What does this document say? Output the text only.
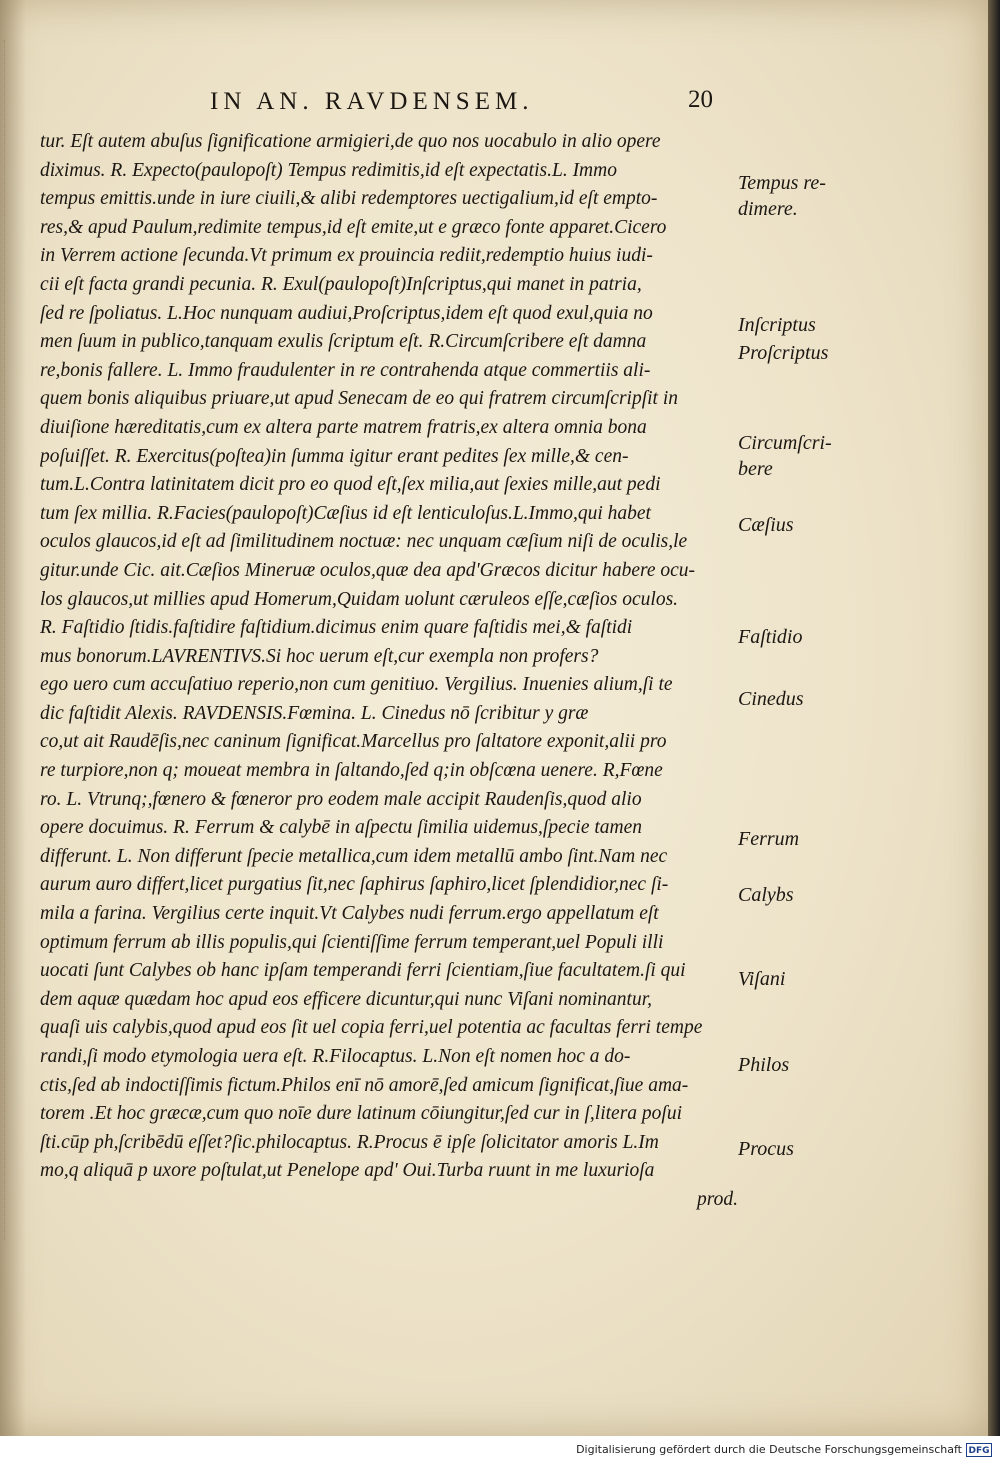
IN AN. RAVDENSEM.	20
tur. Eſt autem abuſus ſignificatione armigieri,de quo nos uocabulo in alio opere
diximus. R. Expecto(paulopoſt) Tempus redimitis,id eſt expectatis.L. Immo
tempus emittis.unde in iure ciuili,& alibi redemptores uectigalium,id eſt empto-
res,& apud Paulum,redimite tempus,id eſt emite,ut e græco fonte apparet.Cicero
in Verrem actione ſecunda.Vt primum ex prouincia rediit,redemptio huius iudi-
cii eſt facta grandi pecunia. R. Exul(paulopoſt)Inſcriptus,qui manet in patria,
ſed re ſpoliatus. L.Hoc nunquam audiui,Proſcriptus,idem eſt quod exul,quia no
men ſuum in publico,tanquam exulis ſcriptum eſt. R.Circumſcribere eſt damna
re,bonis fallere. L. Immo fraudulenter in re contrahenda atque commertiis ali-
quem bonis aliquibus priuare,ut apud Senecam de eo qui fratrem circumſcripſit in
diuiſione hæreditatis,cum ex altera parte matrem fratris,ex altera omnia bona
poſuiſſet. R. Exercitus(poſtea)in ſumma igitur erant pedites ſex mille,& cen-
tum.L.Contra latinitatem dicit pro eo quod eſt,ſex milia,aut ſexies mille,aut pedi
tum ſex millia. R.Facies(paulopoſt)Cæſius id eſt lenticuloſus.L.Immo,qui habet
oculos glaucos,id eſt ad ſimilitudinem noctuæ: nec unquam cæſium niſi de oculis,le
gitur.unde Cic. ait.Cæſios Mineruæ oculos,quæ dea apd'Græcos dicitur habere ocu-
los glaucos,ut millies apud Homerum,Quidam uolunt cæruleos eſſe,cæſios oculos.
R. Faſtidio ſtidis.faſtidire faſtidium.dicimus enim quare faſtidis mei,& faſtidi
mus bonorum.LAVRENTIVS.Si hoc uerum eſt,cur exempla non profers?
ego uero cum accuſatiuo reperio,non cum genitiuo. Vergilius. Inuenies alium,ſi te
dic faſtidit Alexis. RAVDENSIS.Fœmina. L. Cinedus nō ſcribitur y græ
co,ut ait Raudēſis,nec caninum ſignificat.Marcellus pro ſaltatore exponit,alii pro
re turpiore,non q; moueat membra in ſaltando,ſed q;in obſcœna uenere. R,Fœne
ro. L. Vtrunq;,fœnero & fœneror pro eodem male accipit Raudenſis,quod alio
opere docuimus. R. Ferrum & calybē in aſpectu ſimilia uidemus,ſpecie tamen
differunt. L. Non differunt ſpecie metallica,cum idem metallū ambo ſint.Nam nec
aurum auro differt,licet purgatius ſit,nec ſaphirus ſaphiro,licet ſplendidior,nec ſi-
mila a farina. Vergilius certe inquit.Vt Calybes nudi ferrum.ergo appellatum eſt
optimum ferrum ab illis populis,qui ſcientiſſime ferrum temperant,uel Populi illi
uocati ſunt Calybes ob hanc ipſam temperandi ferri ſcientiam,ſiue facultatem.ſi qui
dem aquæ quædam hoc apud eos efficere dicuntur,qui nunc Viſani nominantur,
quaſi uis calybis,quod apud eos ſit uel copia ferri,uel potentia ac facultas ferri tempe
randi,ſi modo etymologia uera eſt. R.Filocaptus. L.Non eſt nomen hoc a do-
ctis,ſed ab indoctiſſimis fictum.Philos enī nō amorē,ſed amicum ſignificat,ſiue ama-
torem .Et hoc græcæ,cum quo noīe dure latinum cōiungitur,ſed cur in ſ,litera poſui
ſti.cūp ph,ſcribēdū eſſet?ſic.philocaptus. R.Procus ē ipſe ſolicitator amoris L.Im
mo,q aliquā p uxore poſtulat,ut Penelope apd' Oui.Turba ruunt in me luxurioſa
prod.
Tempus re-
dimere.
Inſcriptus
Proſcriptus
Circumſcri-
bere
Cæſius
Faſtidio
Cinedus
Ferrum
Calybs
Viſani
Philos
Procus
Digitalisierung gefördert durch die Deutsche Forschungsgemeinschaft DFG
